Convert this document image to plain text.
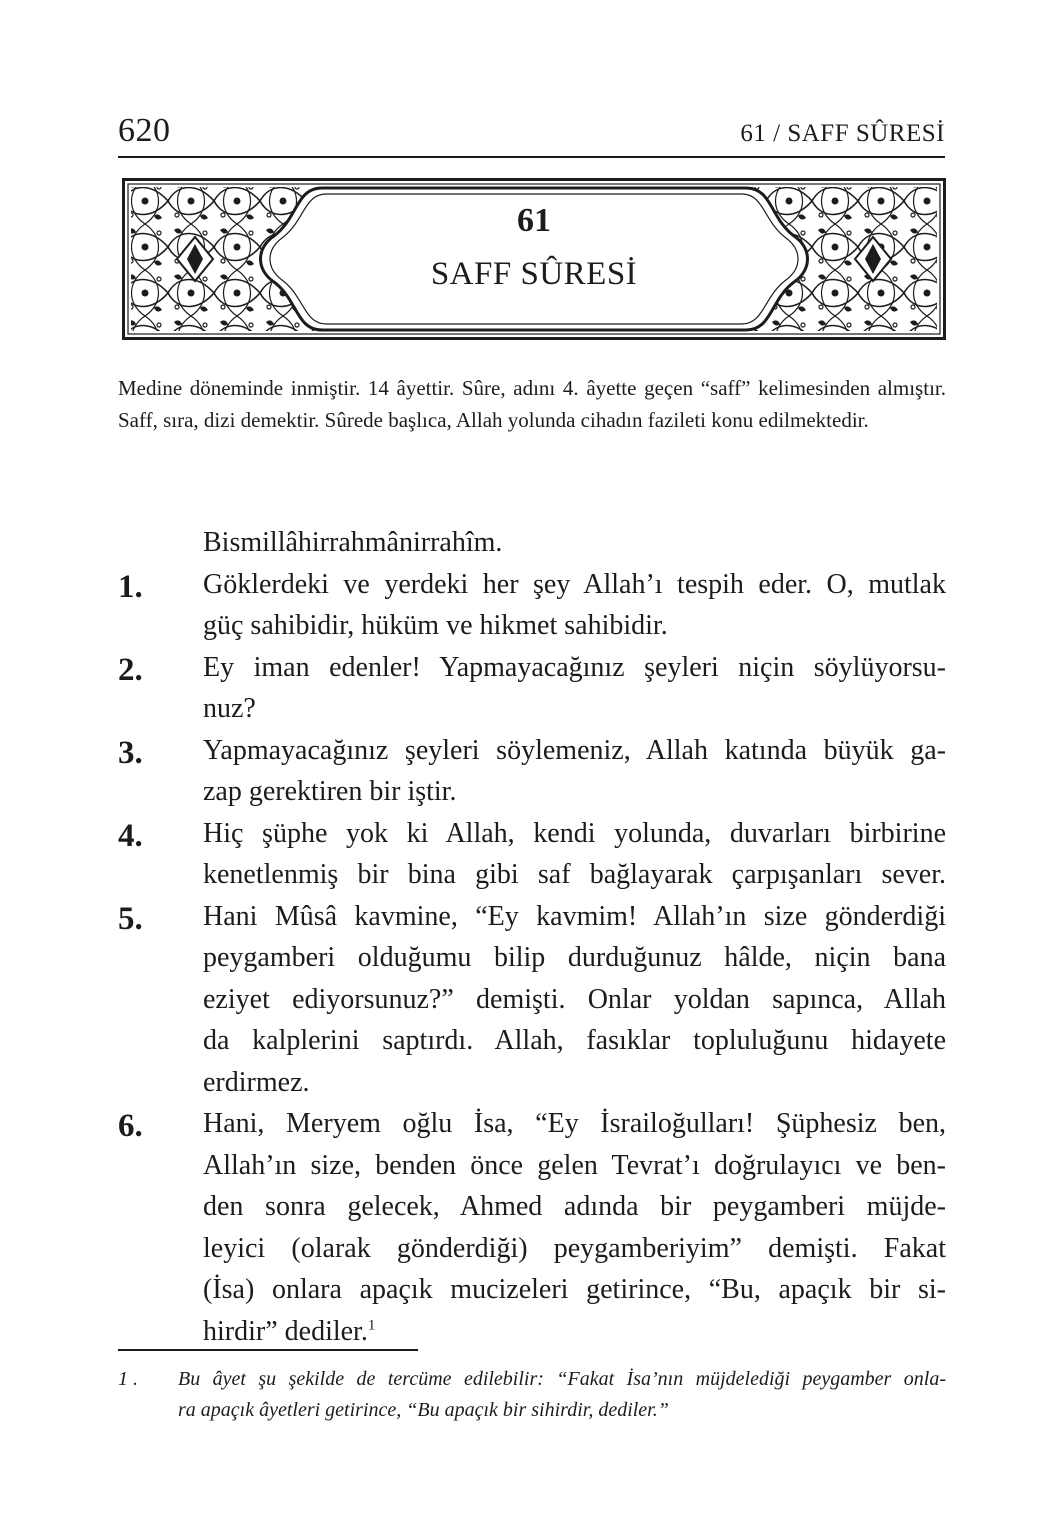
620	61 / SAFF SÛRESİ
61
SAFF SÛRESİ
Medine döneminde inmiştir. 14 âyettir. Sûre, adını 4. âyette geçen “saff” kelimesinden almıştır. Saff, sıra, dizi demektir. Sûrede başlıca, Allah yolunda cihadın fazileti konu edilmektedir.
Bismillâhirrahmânirrahîm.
1. Göklerdeki ve yerdeki her şey Allah’ı tespih eder. O, mutlak
güç sahibidir, hüküm ve hikmet sahibidir.
2. Ey iman edenler! Yapmayacağınız şeyleri niçin söylüyorsu-
nuz?
3. Yapmayacağınız şeyleri söylemeniz, Allah katında büyük ga-
zap gerektiren bir iştir.
4. Hiç şüphe yok ki Allah, kendi yolunda, duvarları birbirine
kenetlenmiş bir bina gibi saf bağlayarak çarpışanları sever.
5. Hani Mûsâ kavmine, “Ey kavmim! Allah’ın size gönderdiği
peygamberi olduğumu bilip durduğunuz hâlde, niçin bana
eziyet ediyorsunuz?” demişti. Onlar yoldan sapınca, Allah
da kalplerini saptırdı. Allah, fasıklar topluluğunu hidayete
erdirmez.
6. Hani, Meryem oğlu İsa, “Ey İsrailoğulları! Şüphesiz ben,
Allah’ın size, benden önce gelen Tevrat’ı doğrulayıcı ve ben-
den sonra gelecek, Ahmed adında bir peygamberi müjde-
leyici (olarak gönderdiği) peygamberiyim” demişti. Fakat
(İsa) onlara apaçık mucizeleri getirince, “Bu, apaçık bir si-
hirdir” dediler.$^1$
1 . Bu âyet şu şekilde de tercüme edilebilir: “Fakat İsa’nın müjdelediği peygamber onla-
ra apaçık âyetleri getirince, “Bu apaçık bir sihirdir, dediler.”
